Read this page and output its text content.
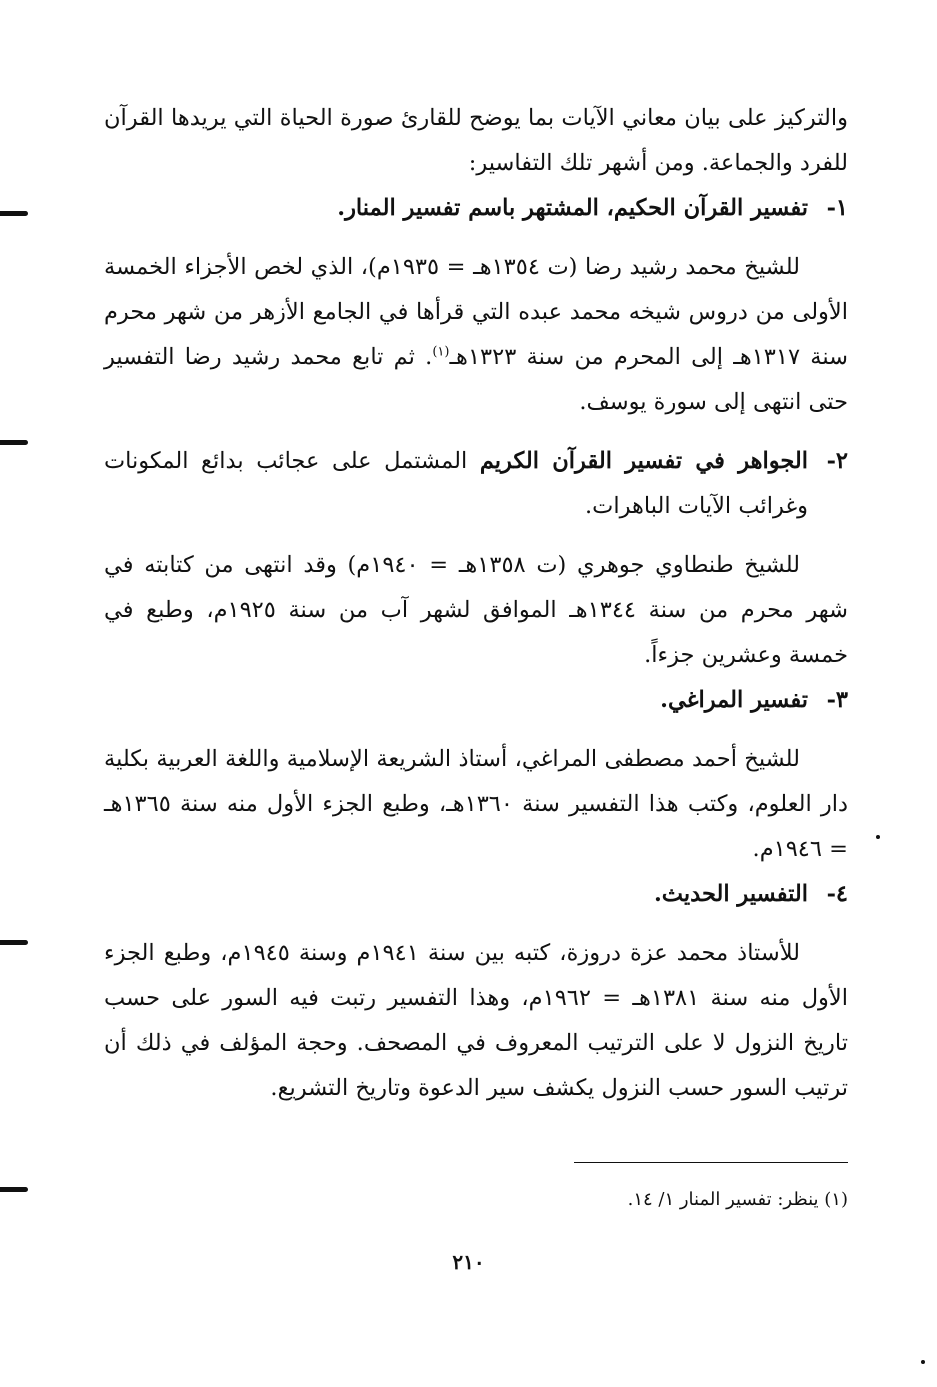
والتركيز على بيان معاني الآيات بما يوضح للقارئ صورة الحياة التي يريدها القرآن للفرد والجماعة. ومن أشهر تلك التفاسير:

١-
تفسير القرآن الحكيم، المشتهر باسم تفسير المنار.

للشيخ محمد رشيد رضا (ت ١٣٥٤هـ = ١٩٣٥م)، الذي لخص الأجزاء الخمسة الأولى من دروس شيخه محمد عبده التي قرأها في الجامع الأزهر من شهر محرم سنة ١٣١٧هـ إلى المحرم من سنة ١٣٢٣هـ$^{(١)}$. ثم تابع محمد رشيد رضا التفسير حتى انتهى إلى سورة يوسف.

٢-
الجواهر في تفسير القرآن الكريم المشتمل على عجائب بدائع المكونات وغرائب الآيات الباهرات.

للشيخ طنطاوي جوهري (ت ١٣٥٨هـ = ١٩٤٠م) وقد انتهى من كتابته في شهر محرم من سنة ١٣٤٤هـ الموافق لشهر آب من سنة ١٩٢٥م، وطبع في خمسة وعشرين جزءاً.

٣-
تفسير المراغي.

للشيخ أحمد مصطفى المراغي، أستاذ الشريعة الإسلامية واللغة العربية بكلية دار العلوم، وكتب هذا التفسير سنة ١٣٦٠هـ، وطبع الجزء الأول منه سنة ١٣٦٥هـ = ١٩٤٦م.

٤-
التفسير الحديث.

للأستاذ محمد عزة دروزة، كتبه بين سنة ١٩٤١م وسنة ١٩٤٥م، وطبع الجزء الأول منه سنة ١٣٨١هـ = ١٩٦٢م، وهذا التفسير رتبت فيه السور على حسب تاريخ النزول لا على الترتيب المعروف في المصحف. وحجة المؤلف في ذلك أن ترتيب السور حسب النزول يكشف سير الدعوة وتاريخ التشريع.

(١) ينظر: تفسير المنار ١/ ١٤.

٢١٠
